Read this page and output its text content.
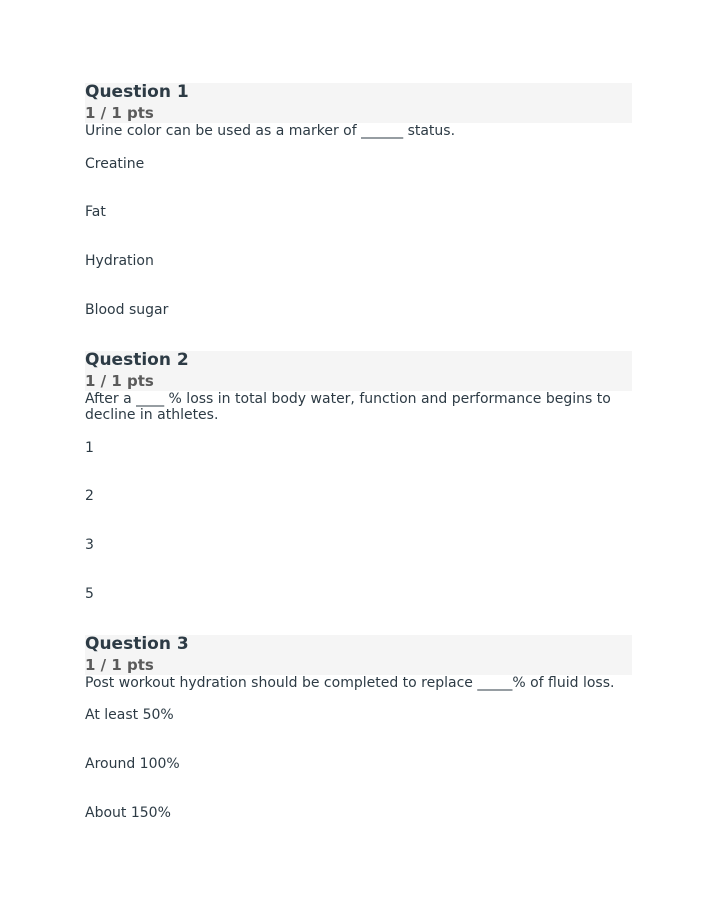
Question 1
1 / 1 pts
Urine color can be used as a marker of ______ status.
Creatine
Fat
Hydration
Blood sugar
Question 2
1 / 1 pts
After a ____ % loss in total body water, function and performance begins to decline in athletes.
1
2
3
5
Question 3
1 / 1 pts
Post workout hydration should be completed to replace _____% of fluid loss.
At least 50%
Around 100%
About 150%
